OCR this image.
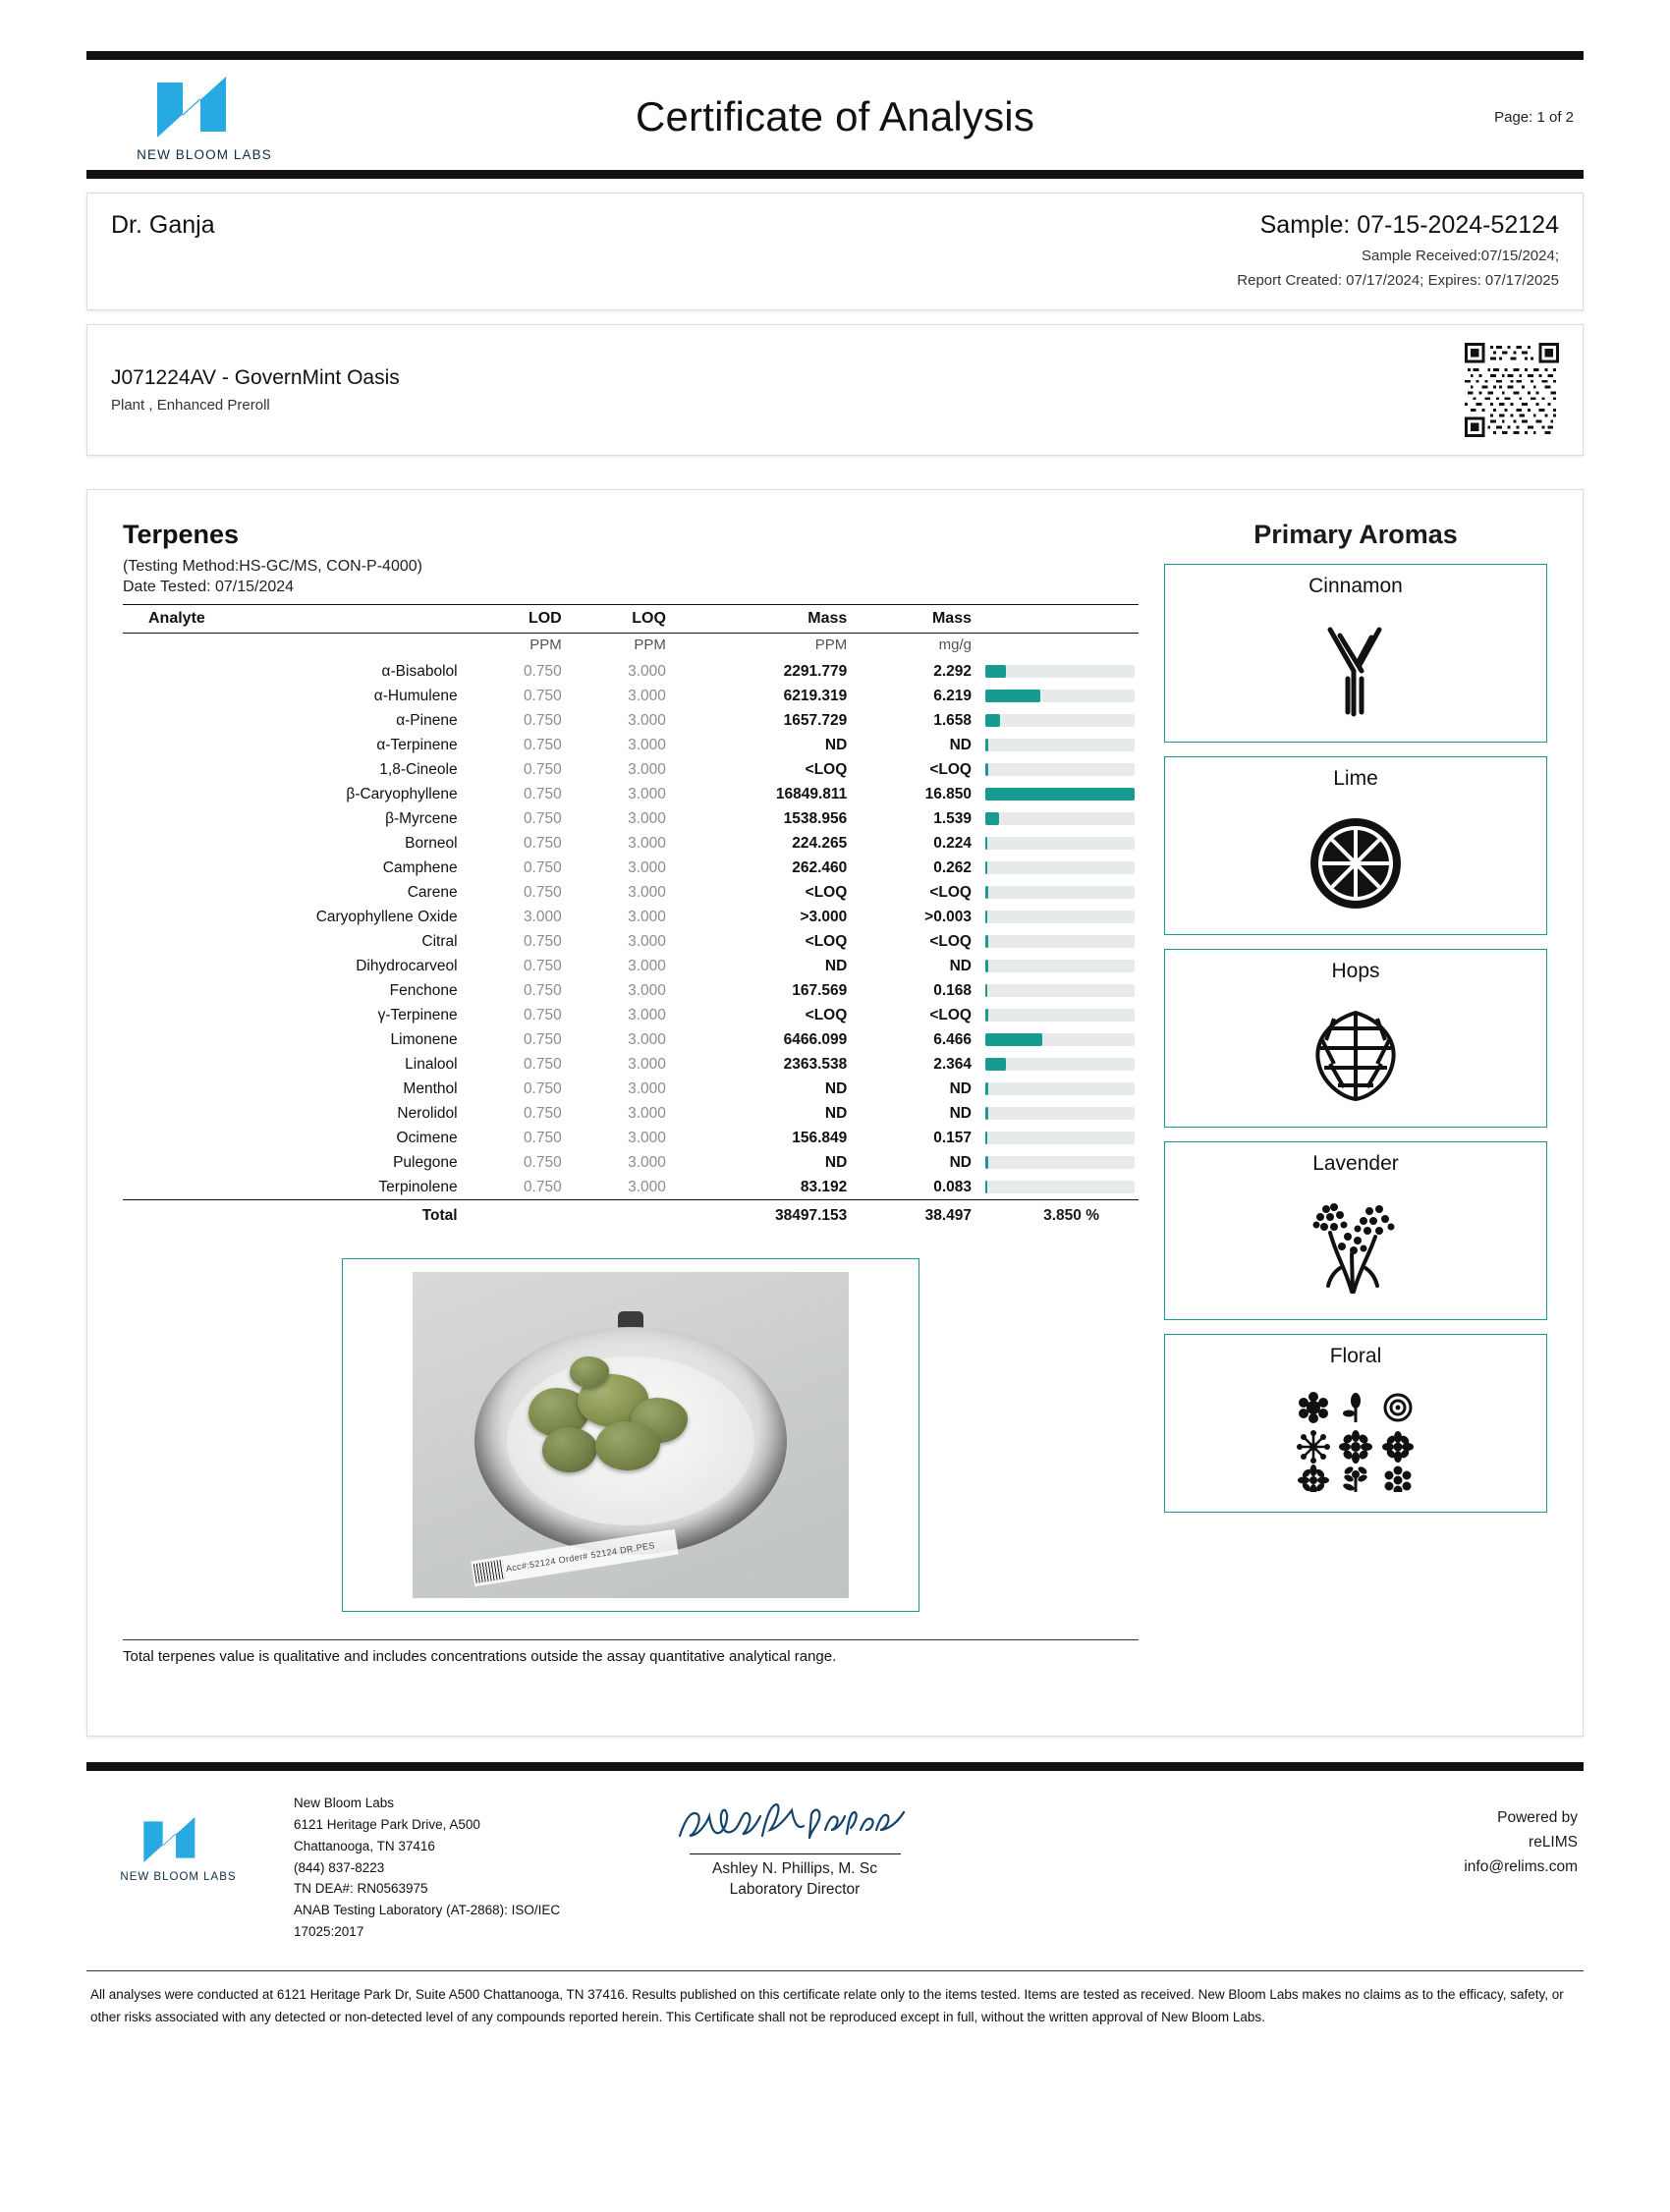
NEW BLOOM LABS
Certificate of Analysis	Page: 1 of 2
Dr. Ganja	Sample: 07-15-2024-52124
Sample Received:07/15/2024;
Report Created: 07/17/2024; Expires: 07/17/2025
J071224AV - GovernMint Oasis
Plant , Enhanced Preroll
Terpenes
(Testing Method:HS-GC/MS, CON-P-4000)
Date Tested: 07/15/2024
Analyte	LOD	LOQ	Mass	Mass	
	PPM	PPM	PPM	mg/g	
α-Bisabolol	0.750	3.000	2291.779	2.292	

α-Humulene	0.750	3.000	6219.319	6.219	

α-Pinene	0.750	3.000	1657.729	1.658	

α-Terpinene	0.750	3.000	ND	ND	

1,8-Cineole	0.750	3.000	<LOQ	<LOQ	

β-Caryophyllene	0.750	3.000	16849.811	16.850	

β-Myrcene	0.750	3.000	1538.956	1.539	

Borneol	0.750	3.000	224.265	0.224	

Camphene	0.750	3.000	262.460	0.262	

Carene	0.750	3.000	<LOQ	<LOQ	

Caryophyllene Oxide	3.000	3.000	>3.000	>0.003	

Citral	0.750	3.000	<LOQ	<LOQ	

Dihydrocarveol	0.750	3.000	ND	ND	

Fenchone	0.750	3.000	167.569	0.168	

γ-Terpinene	0.750	3.000	<LOQ	<LOQ	

Limonene	0.750	3.000	6466.099	6.466	

Linalool	0.750	3.000	2363.538	2.364	

Menthol	0.750	3.000	ND	ND	

Nerolidol	0.750	3.000	ND	ND	

Ocimene	0.750	3.000	156.849	0.157	

Pulegone	0.750	3.000	ND	ND	

Terpinolene	0.750	3.000	83.192	0.083	

Total			38497.153	38.497	3.850 %
Acc#:52124 Order# 52124 DR.PES
Total terpenes value is qualitative and includes concentrations outside the assay quantitative analytical range.
Primary Aromas
Cinnamon
Lime
Hops
Lavender
Floral
NEW BLOOM LABS
New Bloom Labs
6121 Heritage Park Drive, A500
Chattanooga, TN 37416
(844) 837-8223
TN DEA#: RN0563975
ANAB Testing Laboratory (AT-2868): ISO/IEC
17025:2017
Ashley N. Phillips, M. Sc
Laboratory Director
Powered by
reLIMS
info@relims.com
All analyses were conducted at 6121 Heritage Park Dr, Suite A500 Chattanooga, TN 37416. Results published on this certificate relate only to the items tested. Items are tested as received. New Bloom Labs makes no claims as to the efficacy, safety, or other risks associated with any detected or non-detected level of any compounds reported herein. This Certificate shall not be reproduced except in full, without the written approval of New Bloom Labs.
